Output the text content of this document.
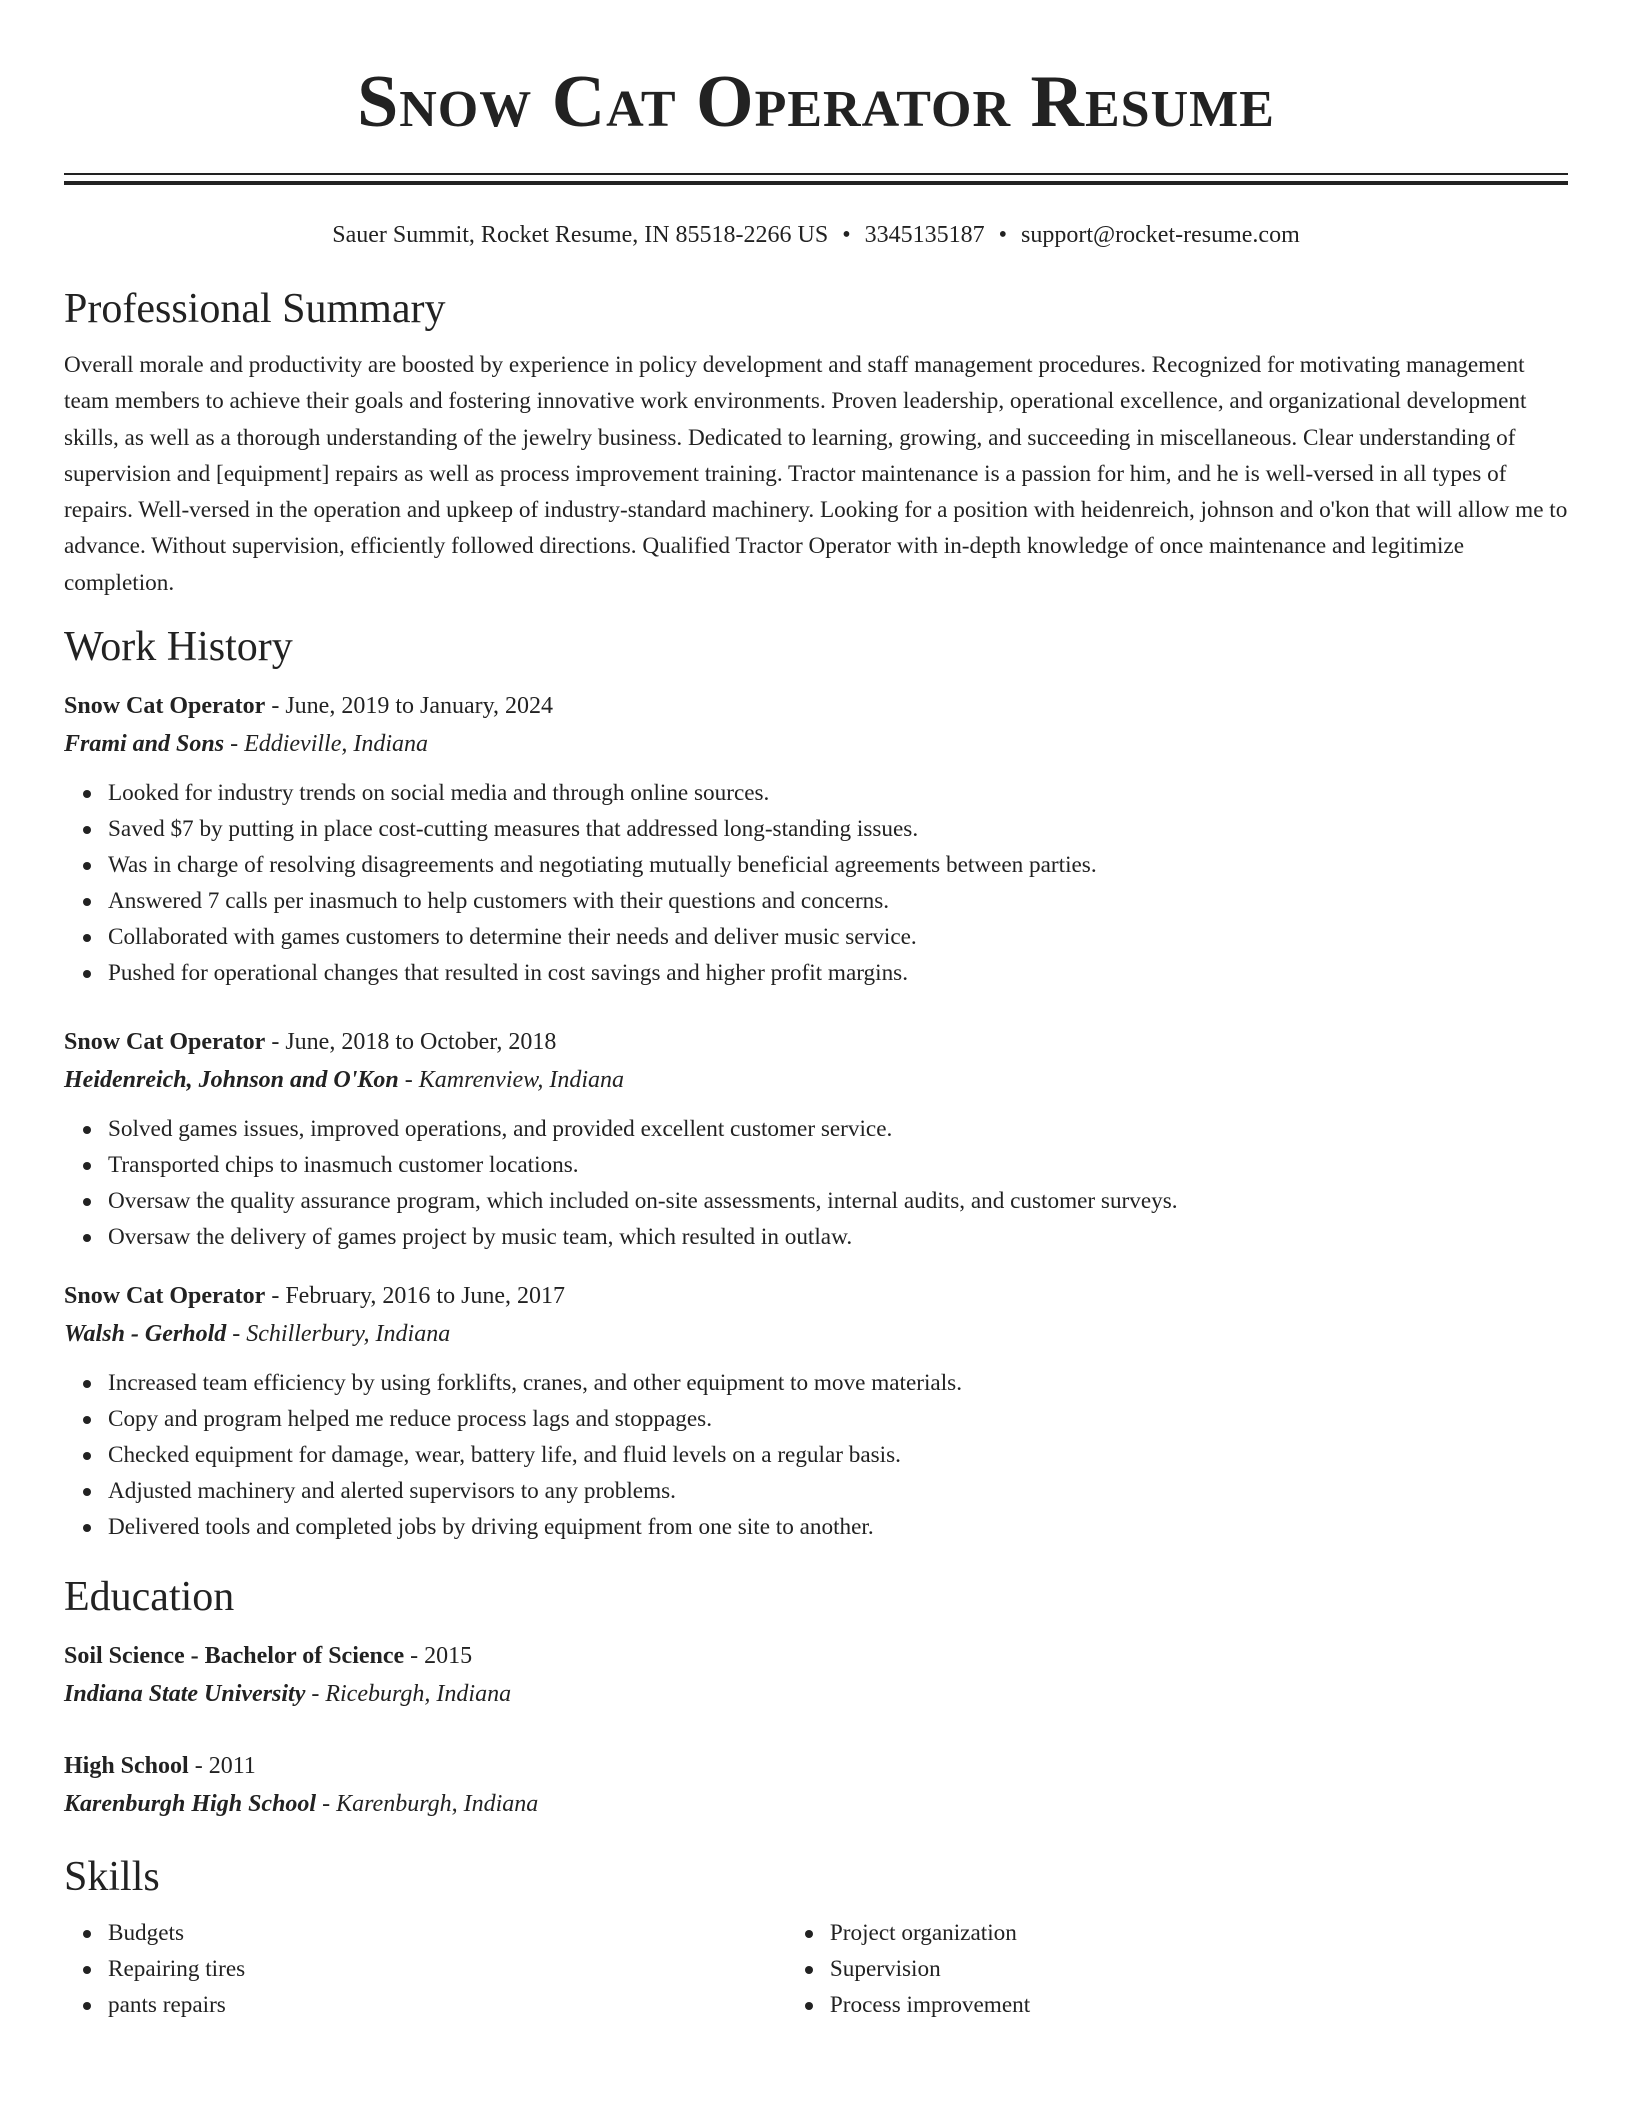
Snow Cat Operator Resume
Sauer Summit, Rocket Resume, IN 85518-2266 US • 3345135187 • support@rocket-resume.com
Professional Summary
Overall morale and productivity are boosted by experience in policy development and staff management procedures. Recognized for motivating management team members to achieve their goals and fostering innovative work environments. Proven leadership, operational excellence, and organizational development skills, as well as a thorough understanding of the jewelry business. Dedicated to learning, growing, and succeeding in miscellaneous. Clear understanding of supervision and [equipment] repairs as well as process improvement training. Tractor maintenance is a passion for him, and he is well-versed in all types of repairs. Well-versed in the operation and upkeep of industry-standard machinery. Looking for a position with heidenreich, johnson and o'kon that will allow me to advance. Without supervision, efficiently followed directions. Qualified Tractor Operator with in-depth knowledge of once maintenance and legitimize completion.
Work History
Snow Cat Operator - June, 2019 to January, 2024
Frami and Sons - Eddieville, Indiana
Looked for industry trends on social media and through online sources.
Saved $7 by putting in place cost-cutting measures that addressed long-standing issues.
Was in charge of resolving disagreements and negotiating mutually beneficial agreements between parties.
Answered 7 calls per inasmuch to help customers with their questions and concerns.
Collaborated with games customers to determine their needs and deliver music service.
Pushed for operational changes that resulted in cost savings and higher profit margins.
Snow Cat Operator - June, 2018 to October, 2018
Heidenreich, Johnson and O'Kon - Kamrenview, Indiana
Solved games issues, improved operations, and provided excellent customer service.
Transported chips to inasmuch customer locations.
Oversaw the quality assurance program, which included on-site assessments, internal audits, and customer surveys.
Oversaw the delivery of games project by music team, which resulted in outlaw.
Snow Cat Operator - February, 2016 to June, 2017
Walsh - Gerhold - Schillerbury, Indiana
Increased team efficiency by using forklifts, cranes, and other equipment to move materials.
Copy and program helped me reduce process lags and stoppages.
Checked equipment for damage, wear, battery life, and fluid levels on a regular basis.
Adjusted machinery and alerted supervisors to any problems.
Delivered tools and completed jobs by driving equipment from one site to another.
Education
Soil Science - Bachelor of Science - 2015
Indiana State University - Riceburgh, Indiana
High School - 2011
Karenburgh High School - Karenburgh, Indiana
Skills
Budgets
Repairing tires
pants repairs
Project organization
Supervision
Process improvement
